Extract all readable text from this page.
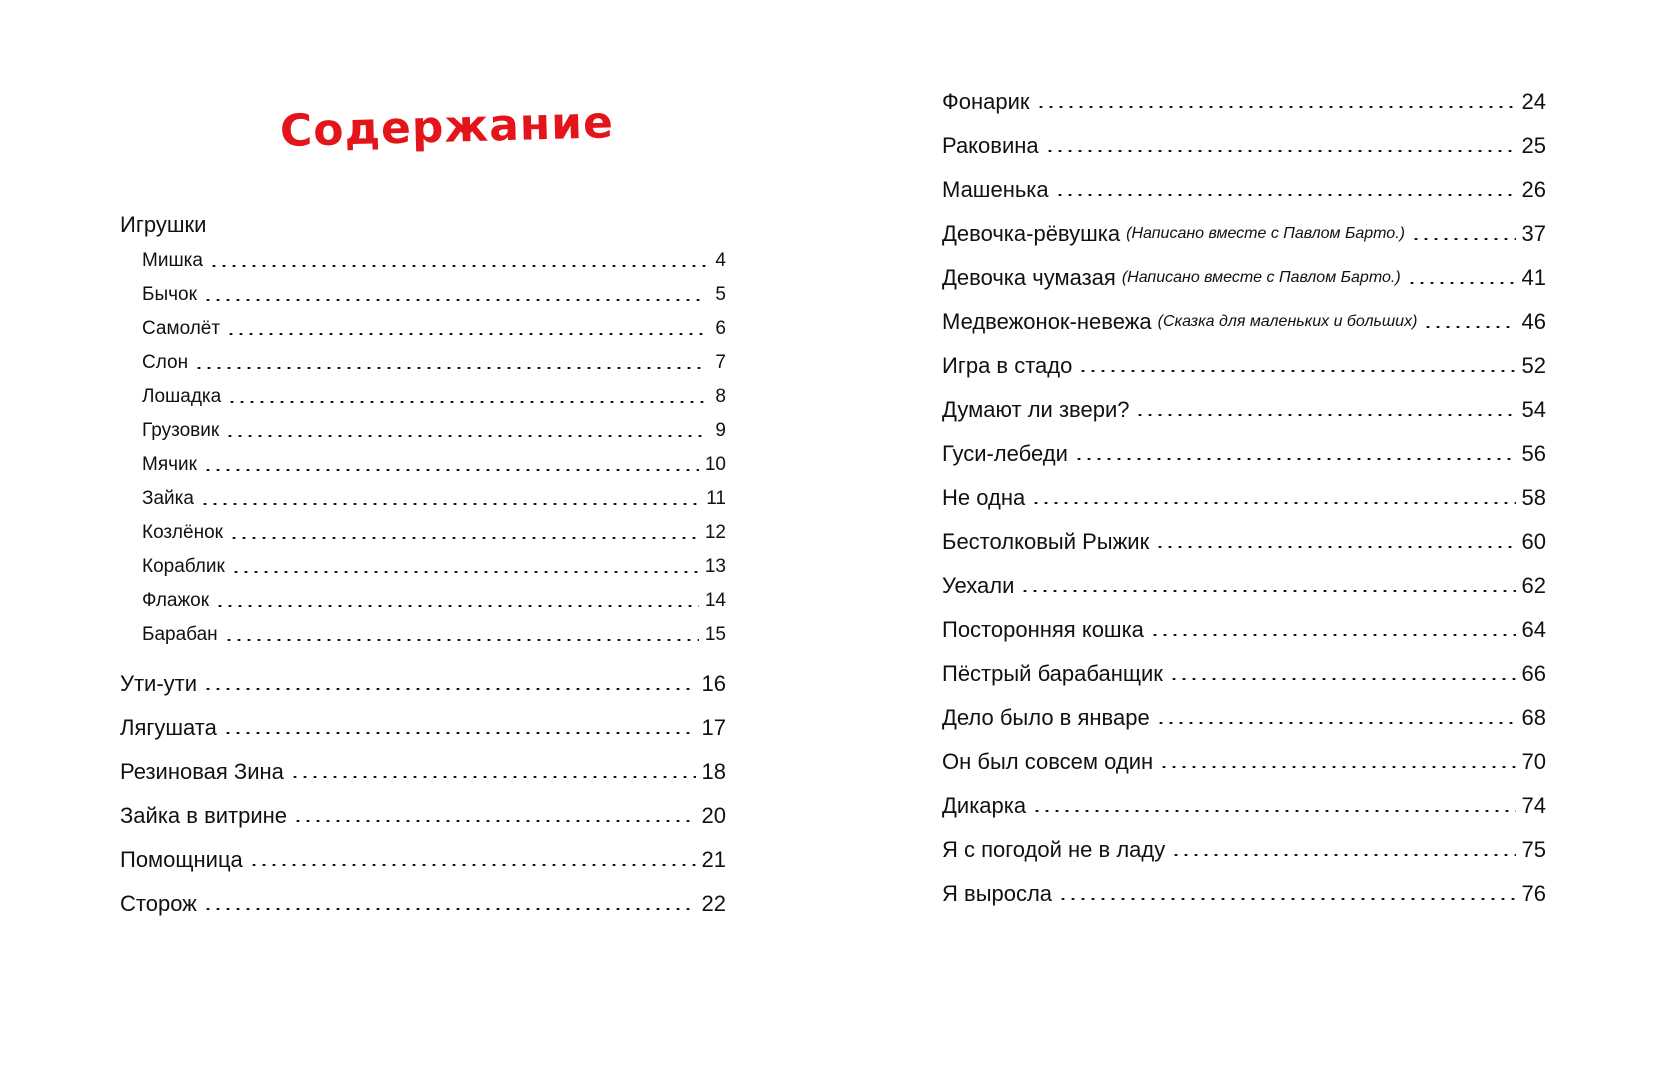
Содержание
Игрушки
Мишка	4
Бычок	5
Самолёт	6
Слон	7
Лошадка	8
Грузовик	9
Мячик	10
Зайка	11
Козлёнок	12
Кораблик	13
Флажок	14
Барабан	15
Ути-ути	16
Лягушата	17
Резиновая Зина	18
Зайка в витрине	20
Помощница	21
Сторож	22
Фонарик	24
Раковина	25
Машенька	26
Девочка-рёвушка (Написано вместе с Павлом Барто.)	37
Девочка чумазая (Написано вместе с Павлом Барто.)	41
Медвежонок-невежа (Сказка для маленьких и больших)	46
Игра в стадо	52
Думают ли звери?	54
Гуси-лебеди	56
Не одна	58
Бестолковый Рыжик	60
Уехали	62
Посторонняя кошка	64
Пёстрый барабанщик	66
Дело было в январе	68
Он был совсем один	70
Дикарка	74
Я с погодой не в ладу	75
Я выросла	76
